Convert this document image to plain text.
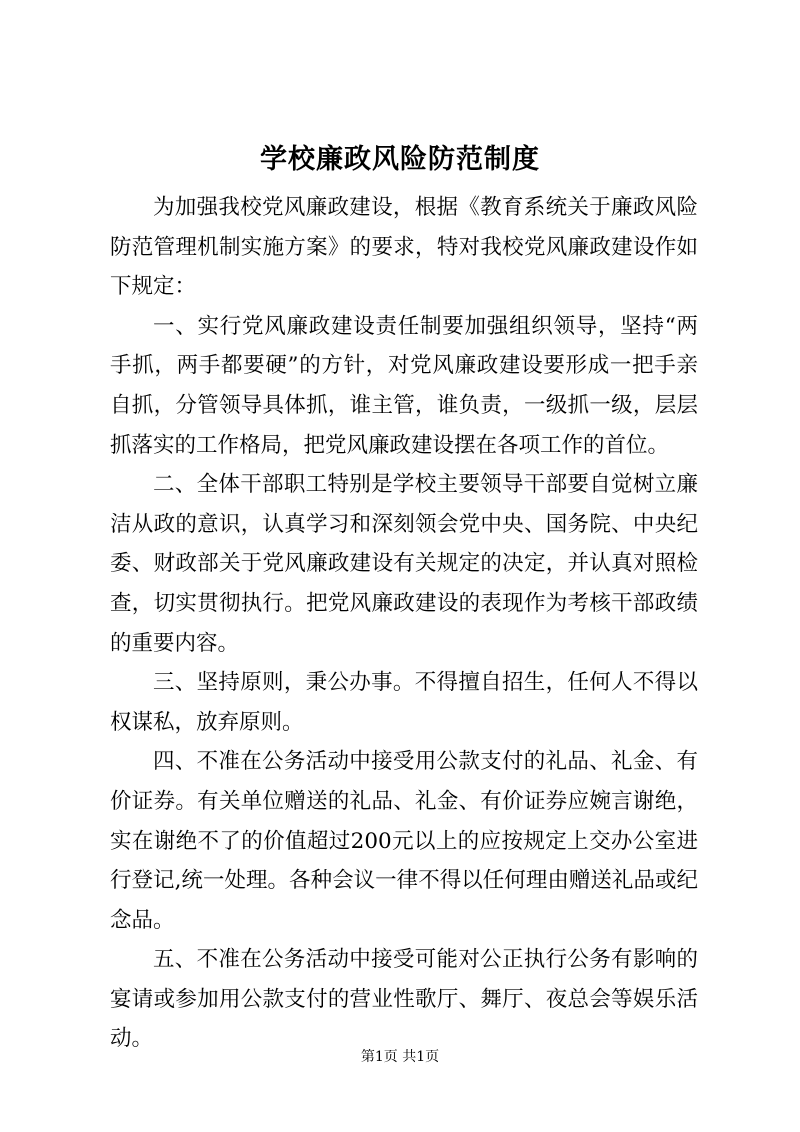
学校廉政风险防范制度

为加强我校党风廉政建设，根据《教育系统关于廉政风险防范管理机制实施方案》的要求，特对我校党风廉政建设作如下规定：

一、实行党风廉政建设责任制要加强组织领导，坚持“两手抓，两手都要硬”的方针，对党风廉政建设要形成一把手亲自抓，分管领导具体抓，谁主管，谁负责，一级抓一级，层层抓落实的工作格局，把党风廉政建设摆在各项工作的首位。

二、全体干部职工特别是学校主要领导干部要自觉树立廉洁从政的意识，认真学习和深刻领会党中央、国务院、中央纪委、财政部关于党风廉政建设有关规定的决定，并认真对照检查，切实贯彻执行。把党风廉政建设的表现作为考核干部政绩的重要内容。

三、坚持原则，秉公办事。不得擅自招生，任何人不得以权谋私，放弃原则。

四、不准在公务活动中接受用公款支付的礼品、礼金、有价证券。有关单位赠送的礼品、礼金、有价证券应婉言谢绝，实在谢绝不了的价值超过200元以上的应按规定上交办公室进行登记,统一处理。各种会议一律不得以任何理由赠送礼品或纪念品。

五、不准在公务活动中接受可能对公正执行公务有影响的宴请或参加用公款支付的营业性歌厅、舞厅、夜总会等娱乐活动。

第1页 共1页
